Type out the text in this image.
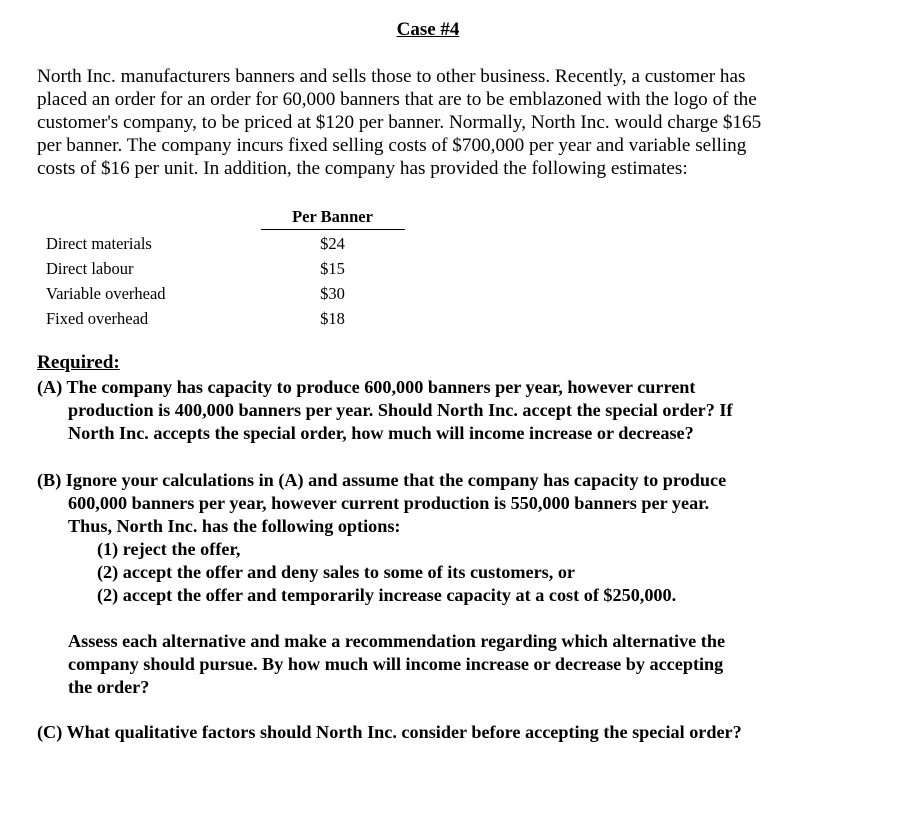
Case #4
North Inc. manufacturers banners and sells those to other business. Recently, a customer has
placed an order for an order for 60,000 banners that are to be emblazoned with the logo of the
customer's company, to be priced at $120 per banner. Normally, North Inc. would charge $165
per banner. The company incurs fixed selling costs of $700,000 per year and variable selling
costs of $16 per unit. In addition, the company has provided the following estimates:
Per Banner
Direct materials	$24
Direct labour	$15
Variable overhead	$30
Fixed overhead	$18
Required:
(A) The company has capacity to produce 600,000 banners per year, however current
production is 400,000 banners per year. Should North Inc. accept the special order? If
North Inc. accepts the special order, how much will income increase or decrease?
(B) Ignore your calculations in (A) and assume that the company has capacity to produce
600,000 banners per year, however current production is 550,000 banners per year.
Thus, North Inc. has the following options:
(1) reject the offer,
(2) accept the offer and deny sales to some of its customers, or
(2) accept the offer and temporarily increase capacity at a cost of $250,000.
Assess each alternative and make a recommendation regarding which alternative the
company should pursue. By how much will income increase or decrease by accepting
the order?
(C) What qualitative factors should North Inc. consider before accepting the special order?
